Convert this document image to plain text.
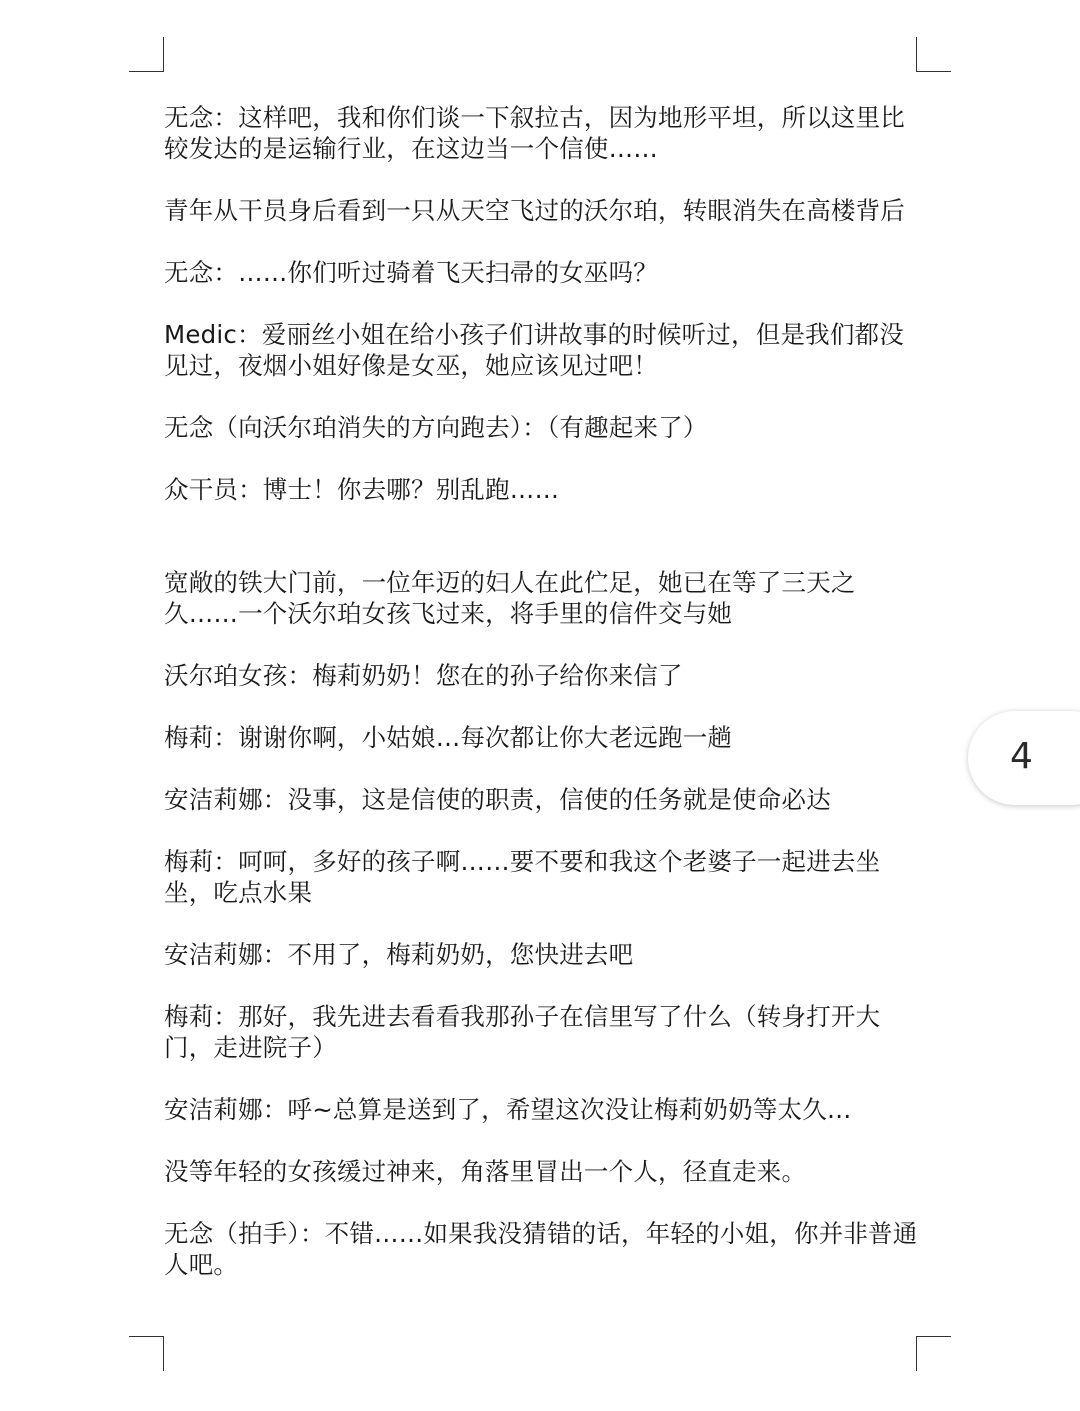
无念：这样吧，我和你们谈一下叙拉古，因为地形平坦，所以这里比较发达的是运输行业，在这边当一个信使……

青年从干员身后看到一只从天空飞过的沃尔珀，转眼消失在高楼背后

无念：……你们听过骑着飞天扫帚的女巫吗？

Medic：爱丽丝小姐在给小孩子们讲故事的时候听过，但是我们都没见过，夜烟小姐好像是女巫，她应该见过吧！

无念（向沃尔珀消失的方向跑去）：（有趣起来了）

众干员：博士！你去哪？别乱跑……

宽敞的铁大门前，一位年迈的妇人在此伫足，她已在等了三天之久……一个沃尔珀女孩飞过来，将手里的信件交与她

沃尔珀女孩：梅莉奶奶！您在的孙子给你来信了

梅莉：谢谢你啊，小姑娘…每次都让你大老远跑一趟

安洁莉娜：没事，这是信使的职责，信使的任务就是使命必达

梅莉：呵呵，多好的孩子啊……要不要和我这个老婆子一起进去坐坐，吃点水果

安洁莉娜：不用了，梅莉奶奶，您快进去吧

梅莉：那好，我先进去看看我那孙子在信里写了什么（转身打开大门，走进院子）

安洁莉娜：呼~总算是送到了，希望这次没让梅莉奶奶等太久…

没等年轻的女孩缓过神来，角落里冒出一个人，径直走来。

无念（拍手）：不错……如果我没猜错的话，年轻的小姐，你并非普通人吧。

4
